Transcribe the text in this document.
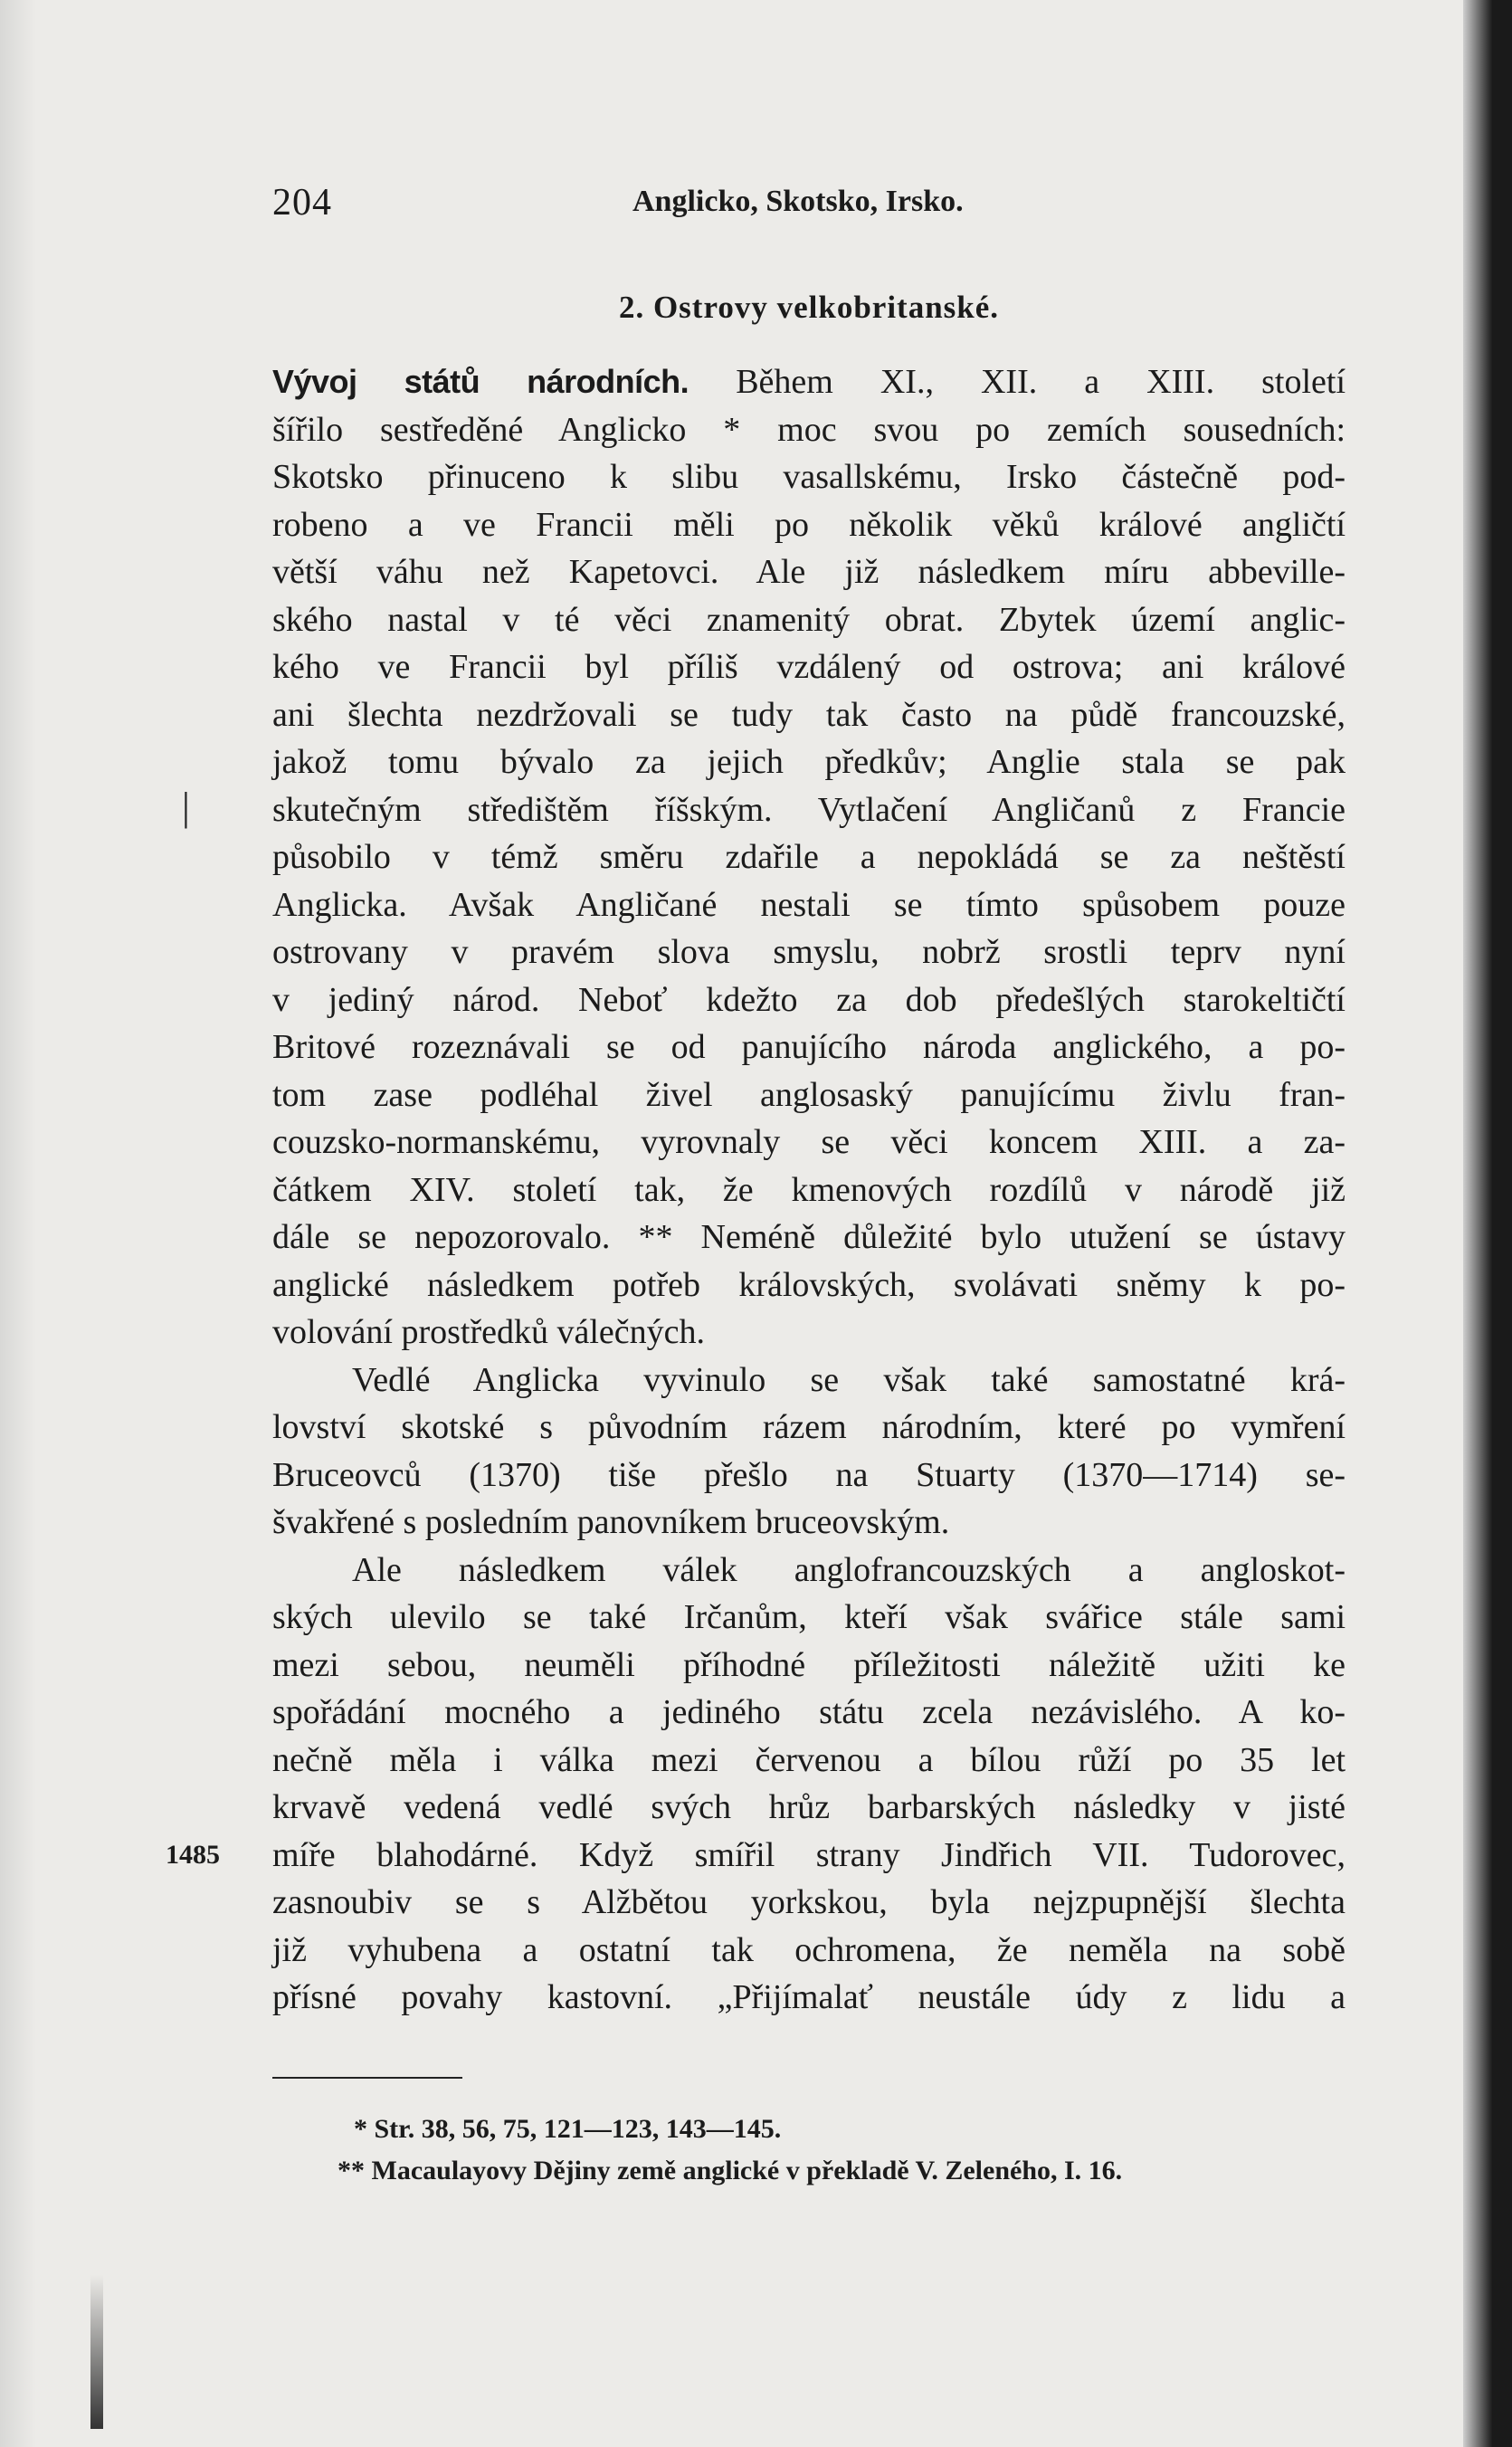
204	Anglicko, Skotsko, Irsko.
2. Ostrovy velkobritanské.
|
Vývoj států národních. Během XI., XII. a XIII. století
šířilo sestředěné Anglicko * moc svou po zemích sousedních:
Skotsko přinuceno k slibu vasallskému, Irsko částečně pod-
robeno a ve Francii měli po několik věků králové angličtí
větší váhu než Kapetovci. Ale již následkem míru abbeville-
ského nastal v té věci znamenitý obrat. Zbytek území anglic-
kého ve Francii byl příliš vzdálený od ostrova; ani králové
ani šlechta nezdržovali se tudy tak často na půdě francouzské,
jakož tomu bývalo za jejich předkův; Anglie stala se pak
skutečným středištěm říšským. Vytlačení Angličanů z Francie
působilo v témž směru zdařile a nepokládá se za neštěstí
Anglicka. Avšak Angličané nestali se tímto spůsobem pouze
ostrovany v pravém slova smyslu, nobrž srostli teprv nyní
v jediný národ. Neboť kdežto za dob předešlých starokeltičtí
Britové rozeznávali se od panujícího národa anglického, a po-
tom zase podléhal živel anglosaský panujícímu živlu fran-
couzsko-normanskému, vyrovnaly se věci koncem XIII. a za-
čátkem XIV. století tak, že kmenových rozdílů v národě již
dále se nepozorovalo. ** Neméně důležité bylo utužení se ústavy
anglické následkem potřeb královských, svolávati sněmy k po-
volování prostředků válečných.
Vedlé Anglicka vyvinulo se však také samostatné krá-
lovství skotské s původním rázem národním, které po vymření
Bruceovců (1370) tiše přešlo na Stuarty (1370—1714) se-
švakřené s posledním panovníkem bruceovským.
Ale následkem válek anglofrancouzských a angloskot-
ských ulevilo se také Irčanům, kteří však svářice stále sami
mezi sebou, neuměli příhodné příležitosti náležitě užiti ke
spořádání mocného a jediného státu zcela nezávislého. A ko-
nečně měla i válka mezi červenou a bílou růží po 35 let
krvavě vedená vedlé svých hrůz barbarských následky v jisté
1485 míře blahodárné. Když smířil strany Jindřich VII. Tudorovec,
zasnoubiv se s Alžbětou yorkskou, byla nejzpupnější šlechta
již vyhubena a ostatní tak ochromena, že neměla na sobě
přísné povahy kastovní. „Přijímalať neustále údy z lidu a
* Str. 38, 56, 75, 121—123, 143—145.
** Macaulayovy Dějiny země anglické v překladě V. Zeleného, I. 16.
